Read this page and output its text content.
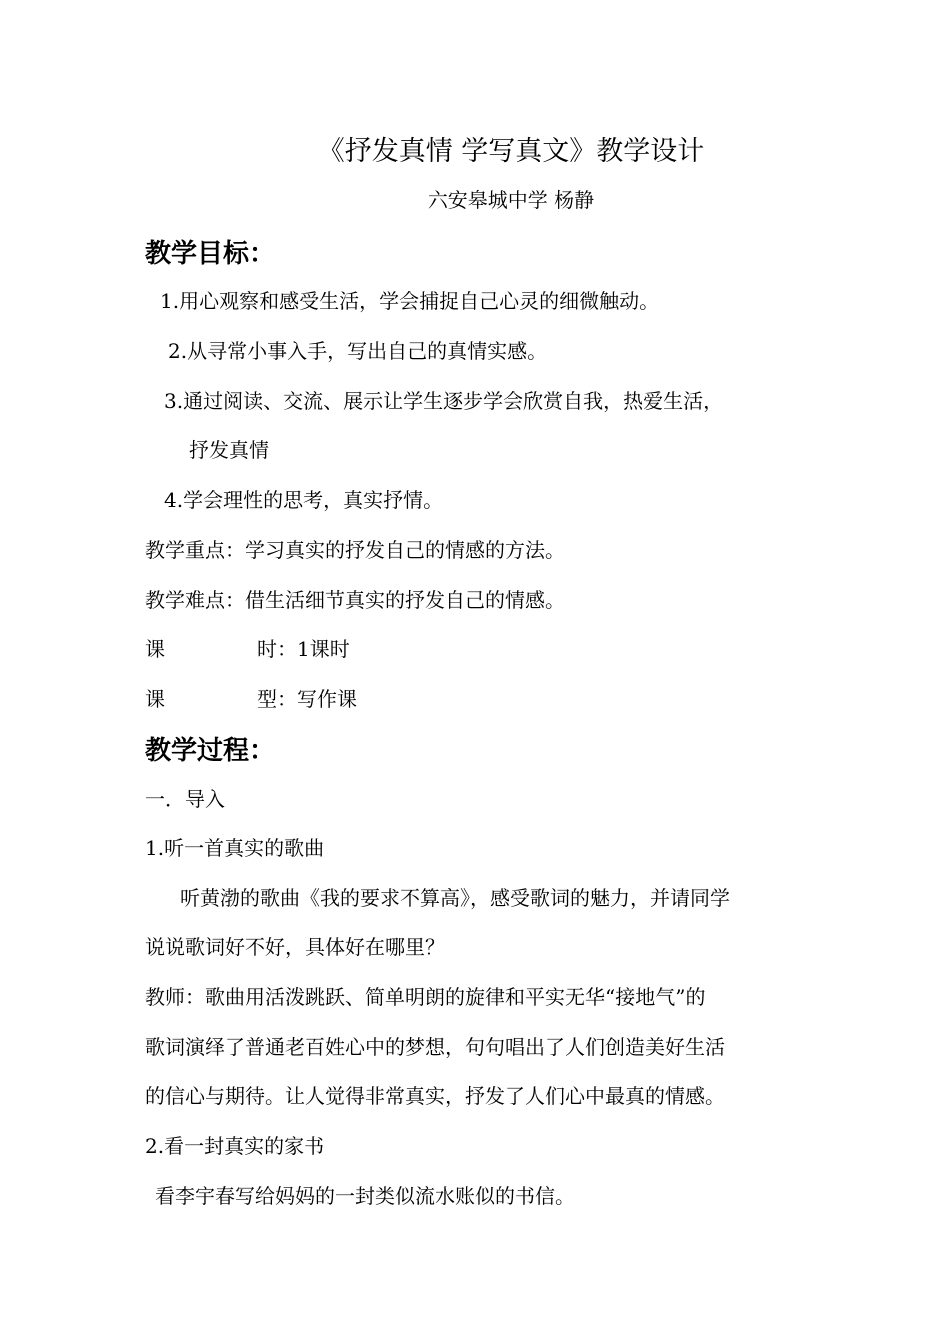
《抒发真情 学写真文》教学设计
六安皋城中学 杨静
教学目标：
1.用心观察和感受生活，学会捕捉自己心灵的细微触动。
2.从寻常小事入手，写出自己的真情实感。
3.通过阅读、交流、展示让学生逐步学会欣赏自我，热爱生活，
抒发真情
4.学会理性的思考，真实抒情。
教学重点：学习真实的抒发自己的情感的方法。
教学难点：借生活细节真实的抒发自己的情感。
课	时：1课时
课	型：写作课
教学过程：
一．导入
1.听一首真实的歌曲
听黄渤的歌曲《我的要求不算高》，感受歌词的魅力，并请同学
说说歌词好不好，具体好在哪里？
教师：歌曲用活泼跳跃、简单明朗的旋律和平实无华“接地气”的
歌词演绎了普通老百姓心中的梦想，句句唱出了人们创造美好生活
的信心与期待。让人觉得非常真实，抒发了人们心中最真的情感。
2.看一封真实的家书
看李宇春写给妈妈的一封类似流水账似的书信。
